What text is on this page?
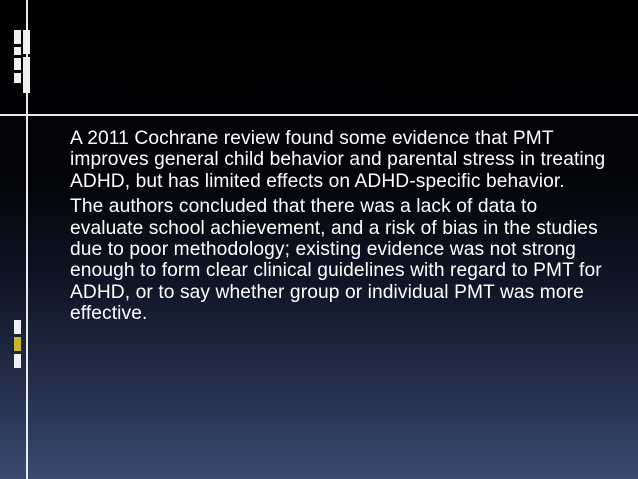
A 2011 Cochrane review found some evidence that PMT improves general child behavior and parental stress in treating ADHD, but has limited effects on ADHD-specific behavior.

The authors concluded that there was a lack of data to evaluate school achievement, and a risk of bias in the studies due to poor methodology; existing evidence was not strong enough to form clear clinical guidelines with regard to PMT for ADHD, or to say whether group or individual PMT was more effective.
